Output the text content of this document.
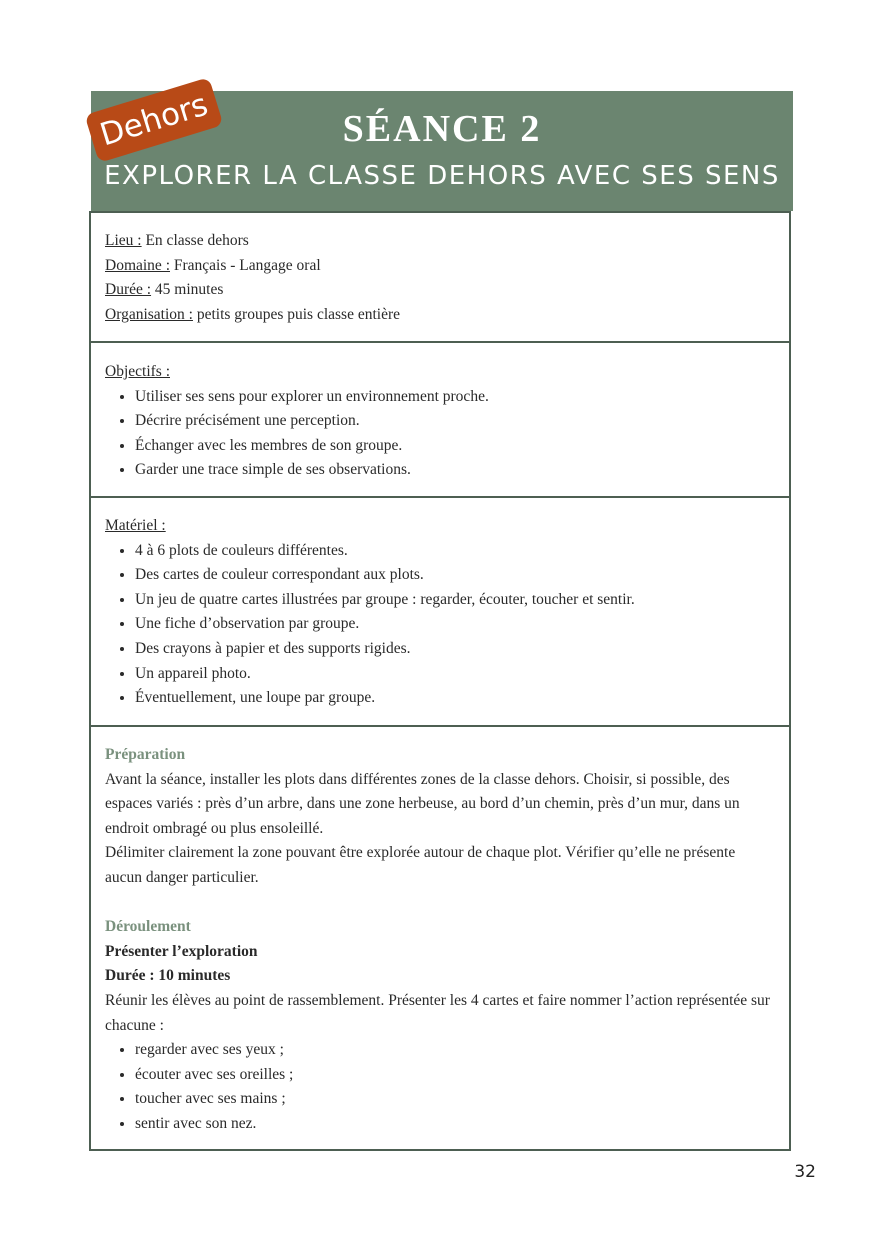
SÉANCE 2
EXPLORER LA CLASSE DEHORS AVEC SES SENS
Dehors

Lieu : En classe dehors

Domaine : Français - Langage oral

Durée : 45 minutes

Organisation : petits groupes puis classe entière

Objectifs :

• Utiliser ses sens pour explorer un environnement proche.
• Décrire précisément une perception.
• Échanger avec les membres de son groupe.
• Garder une trace simple de ses observations.

Matériel :

• 4 à 6 plots de couleurs différentes.
• Des cartes de couleur correspondant aux plots.
• Un jeu de quatre cartes illustrées par groupe : regarder, écouter, toucher et sentir.
• Une fiche d’observation par groupe.
• Des crayons à papier et des supports rigides.
• Un appareil photo.
• Éventuellement, une loupe par groupe.

Préparation

Avant la séance, installer les plots dans différentes zones de la classe dehors. Choisir, si possible, des espaces variés : près d’un arbre, dans une zone herbeuse, au bord d’un chemin, près d’un mur, dans un endroit ombragé ou plus ensoleillé.

Délimiter clairement la zone pouvant être explorée autour de chaque plot. Vérifier qu’elle ne présente aucun danger particulier.

Déroulement

Présenter l’exploration

Durée : 10 minutes

Réunir les élèves au point de rassemblement. Présenter les 4 cartes et faire nommer l’action représentée sur chacune :

• regarder avec ses yeux ;
• écouter avec ses oreilles ;
• toucher avec ses mains ;
• sentir avec son nez.
32
